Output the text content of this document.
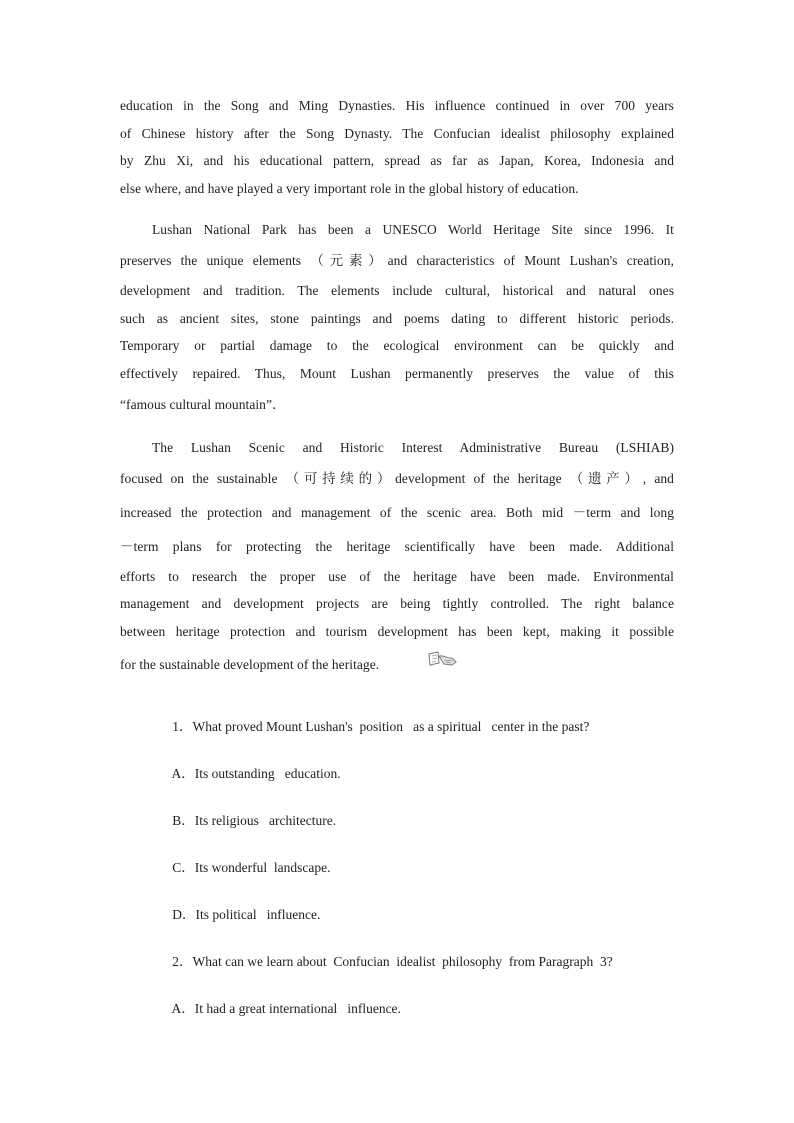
education in the Song and Ming Dynasties. His influence continued in over 700 years
of Chinese history after the Song Dynasty. The Confucian idealist philosophy explained
by Zhu Xi, and his educational pattern, spread as far as Japan, Korea, Indonesia and
else where, and have played a very important role in the global history of education.
Lushan National Park has been a UNESCO World Heritage Site since 1996. It
preserves the unique elements （元素）and characteristics of Mount Lushan's creation,
development and tradition. The elements include cultural, historical and natural ones
such as ancient sites, stone paintings and poems dating to different historic periods.
Temporary or partial damage to the ecological environment can be quickly and
effectively repaired. Thus, Mount Lushan permanently preserves the value of this
“famous cultural mountain”．
The Lushan Scenic and Historic Interest Administrative Bureau (LSHIAB)
focused on the sustainable （可持续的）development of the heritage （遗产）, and
increased the protection and management of the scenic area. Both mid －term and long
－term plans for protecting the heritage scientifically have been made. Additional
efforts to research the proper use of the heritage have been made. Environmental
management and development projects are being tightly controlled. The right balance
between heritage protection and tourism development has been kept, making it possible
for the sustainable development of the heritage.

1．What proved Mount Lushan's  position   as a spiritual   center in the past?

A．Its outstanding   education.

B．Its religious   architecture.

C．Its wonderful  landscape.

D．Its political   influence.

2．What can we learn about  Confucian  idealist  philosophy  from Paragraph  3?

A．It had a great international   influence.
